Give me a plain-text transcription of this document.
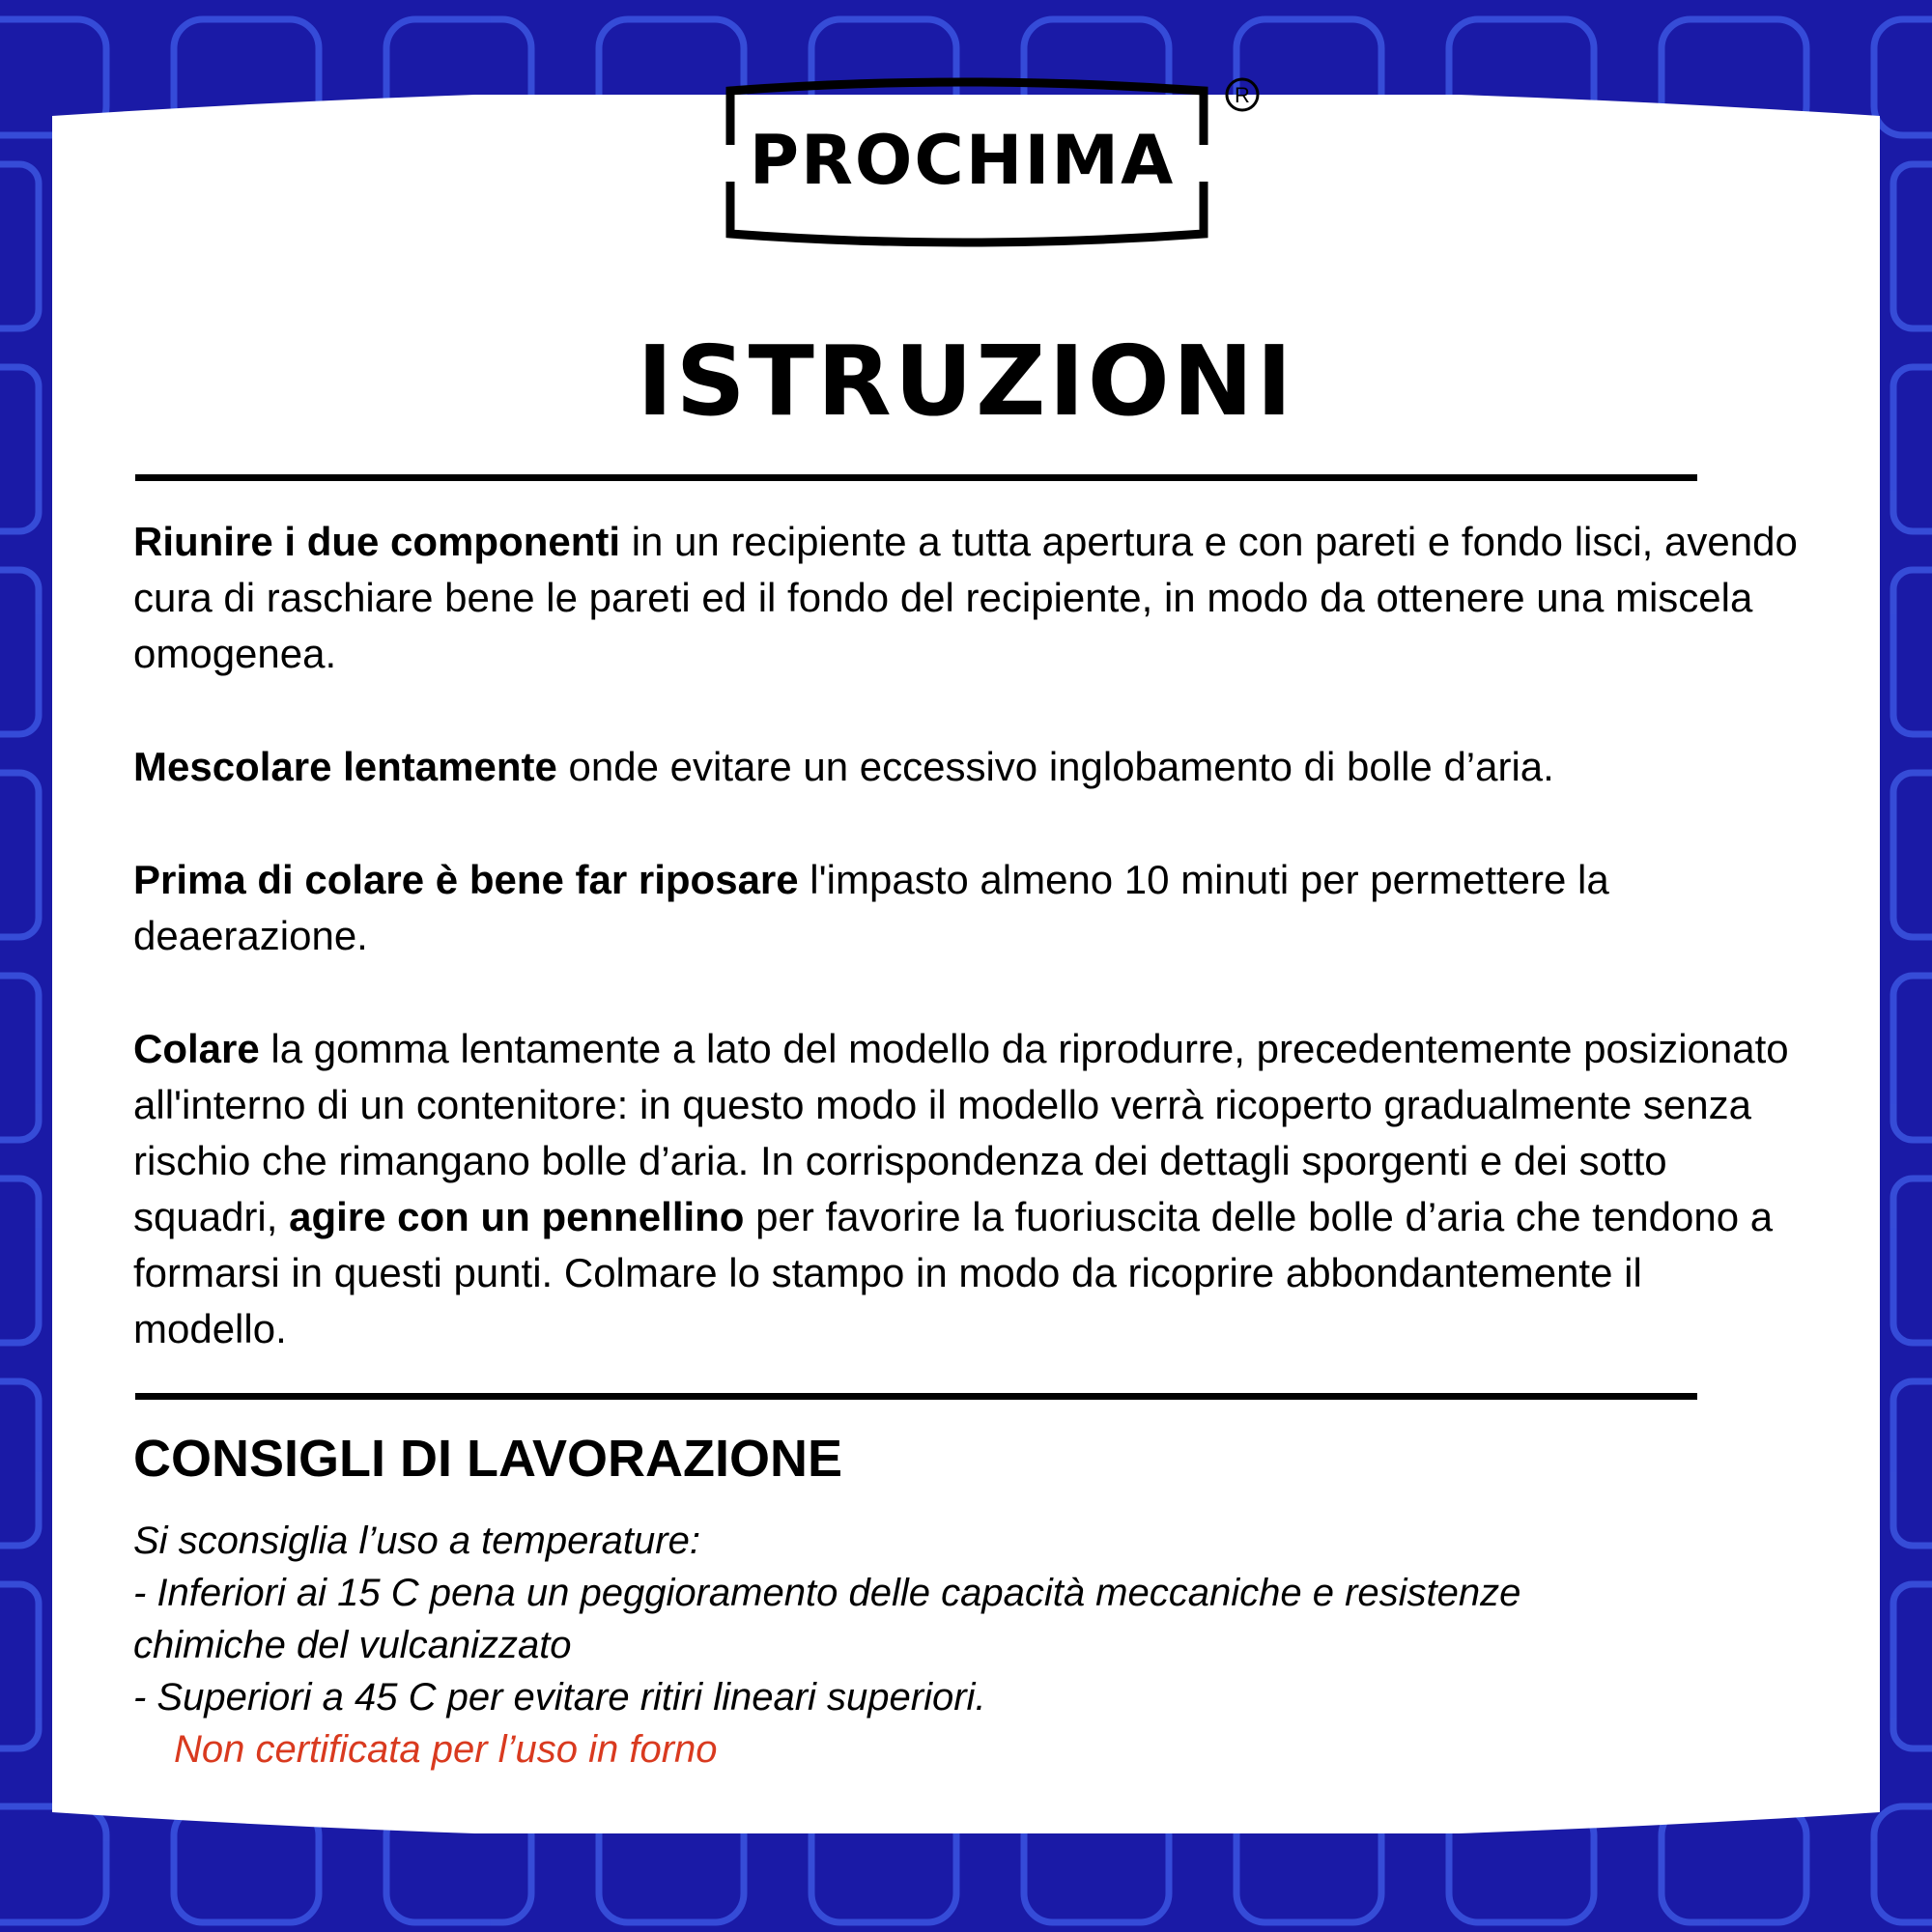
R
PROCHIMA
ISTRUZIONI

Riunire i due componenti in un recipiente a tutta apertura e con pareti e fondo lisci, avendo cura di raschiare bene le pareti ed il fondo del recipiente, in modo da ottenere una miscela omogenea.

Mescolare lentamente onde evitare un eccessivo inglobamento di bolle d’aria.

Prima di colare è bene far riposare l'impasto almeno 10 minuti per permettere la deaerazione.

Colare la gomma lentamente a lato del modello da riprodurre, precedentemente posizionato all'interno di un contenitore: in questo modo il modello verrà ricoperto gradualmente senza rischio che rimangano bolle d’aria. In corrispondenza dei dettagli sporgenti e dei sotto squadri, agire con un pennellino per favorire la fuoriuscita delle bolle d’aria che tendono a formarsi in questi punti. Colmare lo stampo in modo da ricoprire abbondantemente il modello.

CONSIGLI DI LAVORAZIONE
Si sconsiglia l’uso a temperature:
- Inferiori ai 15 C pena un peggioramento delle capacità meccaniche e resistenze
chimiche del vulcanizzato
- Superiori a 45 C per evitare ritiri lineari superiori.
Non certificata per l’uso in forno
